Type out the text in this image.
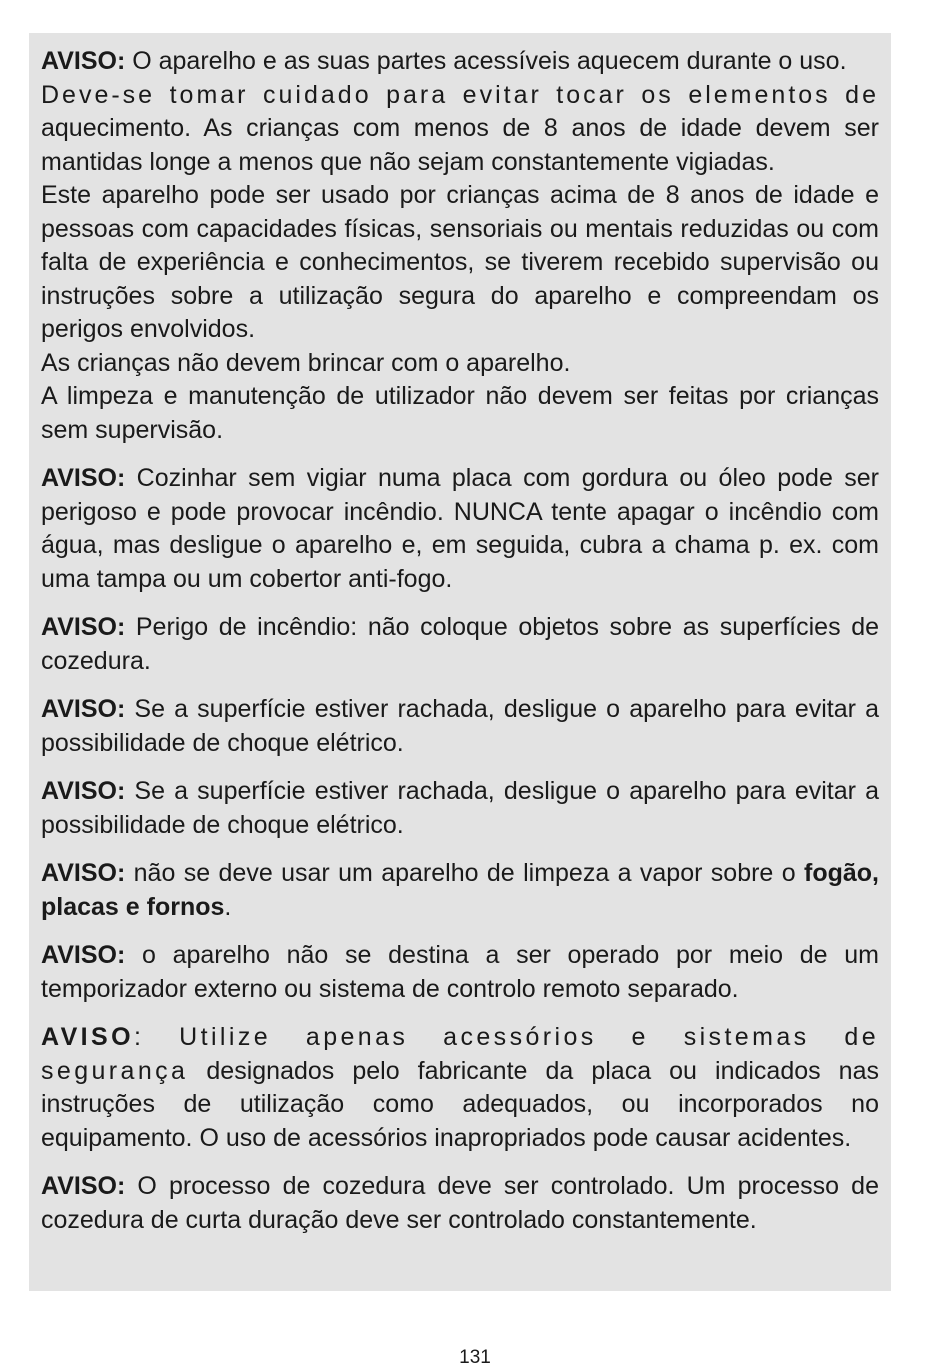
AVISO: O aparelho e as suas partes acessíveis aquecem durante o uso.
Deve-se tomar cuidado para evitar tocar os elementos de aquecimento. As crianças com menos de 8 anos de idade devem ser mantidas longe a menos que não sejam constantemente vigiadas.
Este aparelho pode ser usado por crianças acima de 8 anos de idade e pessoas com capacidades físicas, sensoriais ou mentais reduzidas ou com falta de experiência e conhecimentos, se tiverem recebido supervisão ou instruções sobre a utilização segura do aparelho e compreendam os perigos envolvidos.
As crianças não devem brincar com o aparelho.
A limpeza e manutenção de utilizador não devem ser feitas por crianças sem supervisão.

AVISO: Cozinhar sem vigiar numa placa com gordura ou óleo pode ser perigoso e pode provocar incêndio. NUNCA tente apagar o incêndio com água, mas desligue o aparelho e, em seguida, cubra a chama p. ex. com uma tampa ou um cobertor anti-fogo.

AVISO: Perigo de incêndio: não coloque objetos sobre as superfícies de cozedura.

AVISO: Se a superfície estiver rachada, desligue o aparelho para evitar a possibilidade de choque elétrico.

AVISO: Se a superfície estiver rachada, desligue o aparelho para evitar a possibilidade de choque elétrico.

AVISO: não se deve usar um aparelho de limpeza a vapor sobre o fogão, placas e fornos.

AVISO: o aparelho não se destina a ser operado por meio de um temporizador externo ou sistema de controlo remoto separado.

AVISO: Utilize apenas acessórios e sistemas de segurança designados pelo fabricante da placa ou indicados nas instruções de utilização como adequados, ou incorporados no equipamento. O uso de acessórios inapropriados pode causar acidentes.

AVISO: O processo de cozedura deve ser controlado. Um processo de cozedura de curta duração deve ser controlado constantemente.

131
